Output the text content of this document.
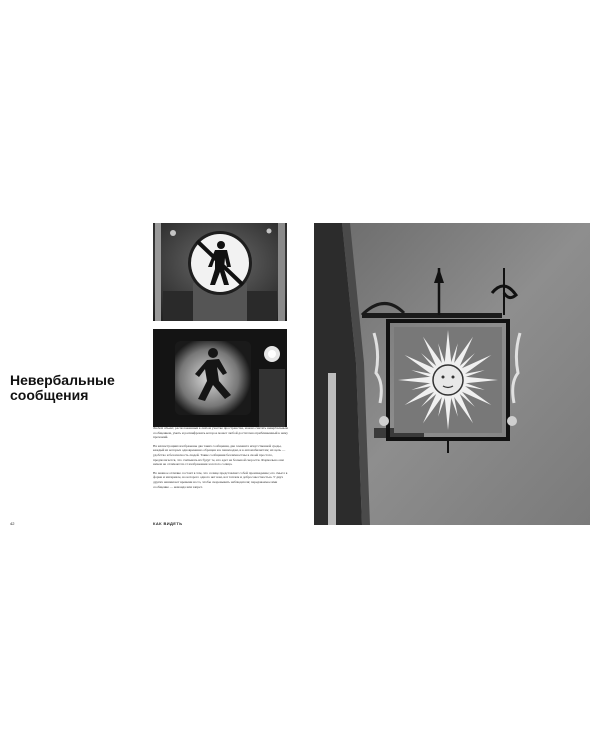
Невербальные сообщения

Любой объект, расположенный в любом участке пространства, можно считать невербальным сообщением, уметь и расшифровать которое может любой достаточно приближенный к нему прохожий.

На иллюстрациях изображены два таких сообщения, два элемента искусственной среды, каждый из которых одновременно обращен и к пешеходам, и к автомобилистам; их цель — удобство и безопасность людей. Такие сообщения безличностны в своей простоте, предполагается, что считывать их будут те, кто едет на большой скорости. Формально они ничем не отличаются от изображения золотого солнца.

Но важное отличие состоит в том, что солнце представляет собой произведение; его смысл в форме и материале, но которого одного нет нам, вот теплом и добросовестностью. У двух других нашим нет времени на то, чтобы очаровывать наблюдателя; передаваемое ими сообщение — команда или запрет.

42	КАК ВИДЕТЬ
